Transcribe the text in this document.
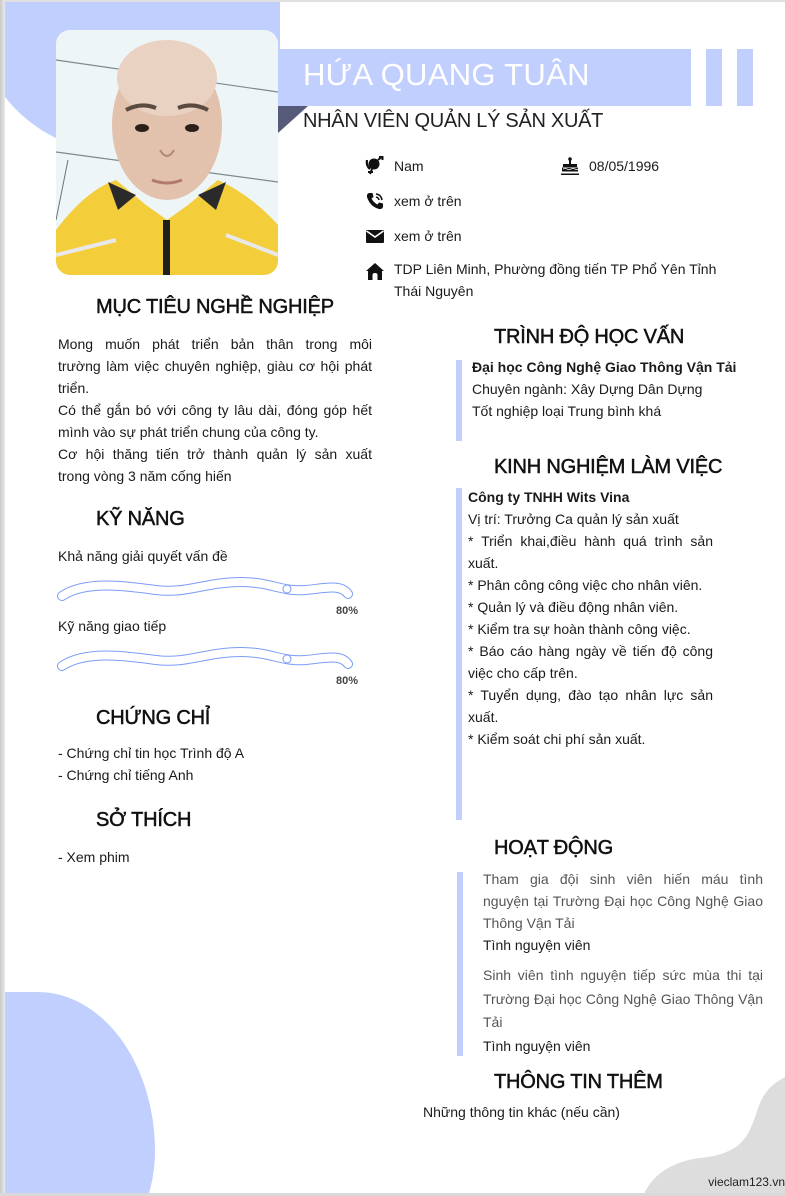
HỨA QUANG TUÂN
NHÂN VIÊN QUẢN LÝ SẢN XUẤT
Nam	08/05/1996
xem ở trên
xem ở trên
TDP Liên Minh, Phường đồng tiến TP Phổ Yên Tỉnh
Thái Nguyên
MỤC TIÊU NGHỀ NGHIỆP

Mong muốn phát triển bản thân trong môi

trường làm việc chuyên nghiệp, giàu cơ hội phát

triển.

Có thể gắn bó với công ty lâu dài, đóng góp hết

mình vào sự phát triển chung của công ty.

Cơ hội thăng tiến trở thành quản lý sản xuất

trong vòng 3 năm cống hiến

KỸ NĂNG
Khả năng giải quyết vấn đề
80%
Kỹ năng giao tiếp
80%
CHỨNG CHỈ

- Chứng chỉ tin học Trình độ A

- Chứng chỉ tiếng Anh

SỞ THÍCH

- Xem phim

TRÌNH ĐỘ HỌC VẤN

Đại học Công Nghệ Giao Thông Vận Tải

Chuyên ngành: Xây Dựng Dân Dựng

Tốt nghiệp loại Trung bình khá

KINH NGHIỆM LÀM VIỆC

Công ty TNHH Wits Vina

Vị trí: Trưởng Ca quản lý sản xuất

* Triển khai,điều hành quá trình sản

xuất.

* Phân công công việc cho nhân viên.

* Quản lý và điều động nhân viên.

* Kiểm tra sự hoàn thành công việc.

* Báo cáo hàng ngày về tiến độ công

việc cho cấp trên.

* Tuyển dụng, đào tạo nhân lực sản

xuất.

* Kiểm soát chi phí sản xuất.

HOẠT ĐỘNG

Tham gia đội sinh viên hiến máu tình

nguyện tại Trường Đại học Công Nghệ Giao

Thông Vận Tải

Tình nguyện viên

Sinh viên tình nguyện tiếp sức mùa thi tại

Trường Đại học Công Nghệ Giao Thông Vận

Tải

Tình nguyện viên

THÔNG TIN THÊM

Những thông tin khác (nếu cần)

vieclam123.vn
